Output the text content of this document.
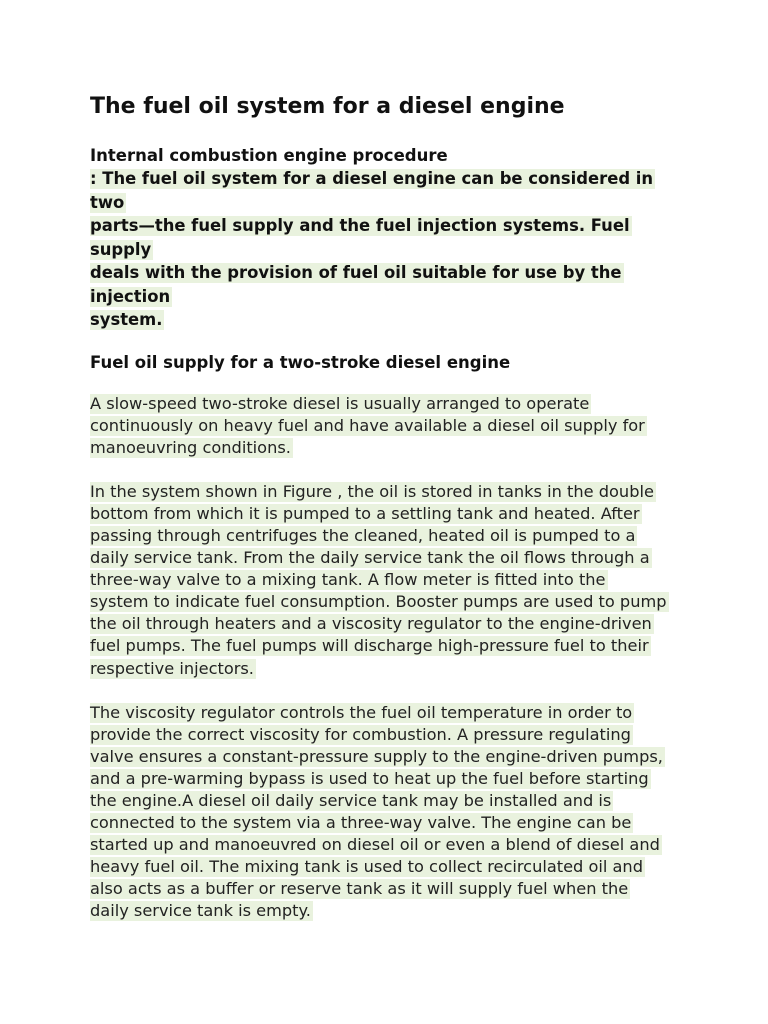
The fuel oil system for a diesel engine
Internal combustion engine procedure

: The fuel oil system for a diesel engine can be considered in two
parts—the fuel supply and the fuel injection systems. Fuel supply
deals with the provision of fuel oil suitable for use by the injection
system.

Fuel oil supply for a two-stroke diesel engine

A slow-speed two-stroke diesel is usually arranged to operate
continuously on heavy fuel and have available a diesel oil supply for
manoeuvring conditions.

In the system shown in Figure , the oil is stored in tanks in the double
bottom from which it is pumped to a settling tank and heated. After
passing through centrifuges the cleaned, heated oil is pumped to a
daily service tank. From the daily service tank the oil flows through a
three-way valve to a mixing tank. A flow meter is fitted into the
system to indicate fuel consumption. Booster pumps are used to pump
the oil through heaters and a viscosity regulator to the engine-driven
fuel pumps. The fuel pumps will discharge high-pressure fuel to their
respective injectors.

The viscosity regulator controls the fuel oil temperature in order to
provide the correct viscosity for combustion. A pressure regulating
valve ensures a constant-pressure supply to the engine-driven pumps,
and a pre-warming bypass is used to heat up the fuel before starting
the engine.A diesel oil daily service tank may be installed and is
connected to the system via a three-way valve. The engine can be
started up and manoeuvred on diesel oil or even a blend of diesel and
heavy fuel oil. The mixing tank is used to collect recirculated oil and
also acts as a buffer or reserve tank as it will supply fuel when the
daily service tank is empty.
